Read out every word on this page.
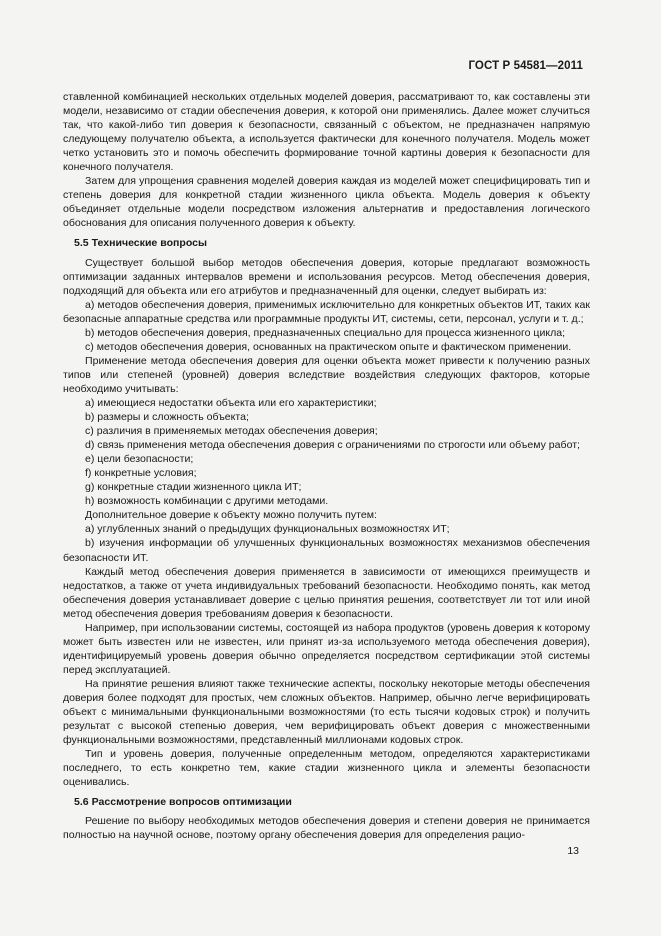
ГОСТ Р 54581—2011

ставленной комбинацией нескольких отдельных моделей доверия, рассматривают то, как составлены эти модели, независимо от стадии обеспечения доверия, к которой они применялись. Далее может случиться так, что какой-либо тип доверия к безопасности, связанный с объектом, не предназначен напрямую следующему получателю объекта, а используется фактически для конечного получателя. Модель может четко установить это и помочь обеспечить формирование точной картины доверия к безопасности для конечного получателя.

Затем для упрощения сравнения моделей доверия каждая из моделей может специфицировать тип и степень доверия для конкретной стадии жизненного цикла объекта. Модель доверия к объекту объединяет отдельные модели посредством изложения альтернатив и предоставления логического обоснования для описания полученного доверия к объекту.

5.5 Технические вопросы

Существует большой выбор методов обеспечения доверия, которые предлагают возможность оптимизации заданных интервалов времени и использования ресурсов. Метод обеспечения доверия, подходящий для объекта или его атрибутов и предназначенный для оценки, следует выбирать из:

a) методов обеспечения доверия, применимых исключительно для конкретных объектов ИТ, таких как безопасные аппаратные средства или программные продукты ИТ, системы, сети, персонал, услуги и т. д.;

b) методов обеспечения доверия, предназначенных специально для процесса жизненного цикла;

c) методов обеспечения доверия, основанных на практическом опыте и фактическом применении.

Применение метода обеспечения доверия для оценки объекта может привести к получению разных типов или степеней (уровней) доверия вследствие воздействия следующих факторов, которые необходимо учитывать:

a) имеющиеся недостатки объекта или его характеристики;

b) размеры и сложность объекта;

c) различия в применяемых методах обеспечения доверия;

d) связь применения метода обеспечения доверия с ограничениями по строгости или объему работ;

e) цели безопасности;

f) конкретные условия;

g) конкретные стадии жизненного цикла ИТ;

h) возможность комбинации с другими методами.

Дополнительное доверие к объекту можно получить путем:

a) углубленных знаний о предыдущих функциональных возможностях ИТ;

b) изучения информации об улучшенных функциональных возможностях механизмов обеспечения безопасности ИТ.

Каждый метод обеспечения доверия применяется в зависимости от имеющихся преимуществ и недостатков, а также от учета индивидуальных требований безопасности. Необходимо понять, как метод обеспечения доверия устанавливает доверие с целью принятия решения, соответствует ли тот или иной метод обеспечения доверия требованиям доверия к безопасности.

Например, при использовании системы, состоящей из набора продуктов (уровень доверия к которому может быть известен или не известен, или принят из-за используемого метода обеспечения доверия), идентифицируемый уровень доверия обычно определяется посредством сертификации этой системы перед эксплуатацией.

На принятие решения влияют также технические аспекты, поскольку некоторые методы обеспечения доверия более подходят для простых, чем сложных объектов. Например, обычно легче верифицировать объект с минимальными функциональными возможностями (то есть тысячи кодовых строк) и получить результат с высокой степенью доверия, чем верифицировать объект доверия с множественными функциональными возможностями, представленный миллионами кодовых строк.

Тип и уровень доверия, полученные определенным методом, определяются характеристиками последнего, то есть конкретно тем, какие стадии жизненного цикла и элементы безопасности оценивались.

5.6 Рассмотрение вопросов оптимизации

Решение по выбору необходимых методов обеспечения доверия и степени доверия не принимается полностью на научной основе, поэтому органу обеспечения доверия для определения рацио-

13
